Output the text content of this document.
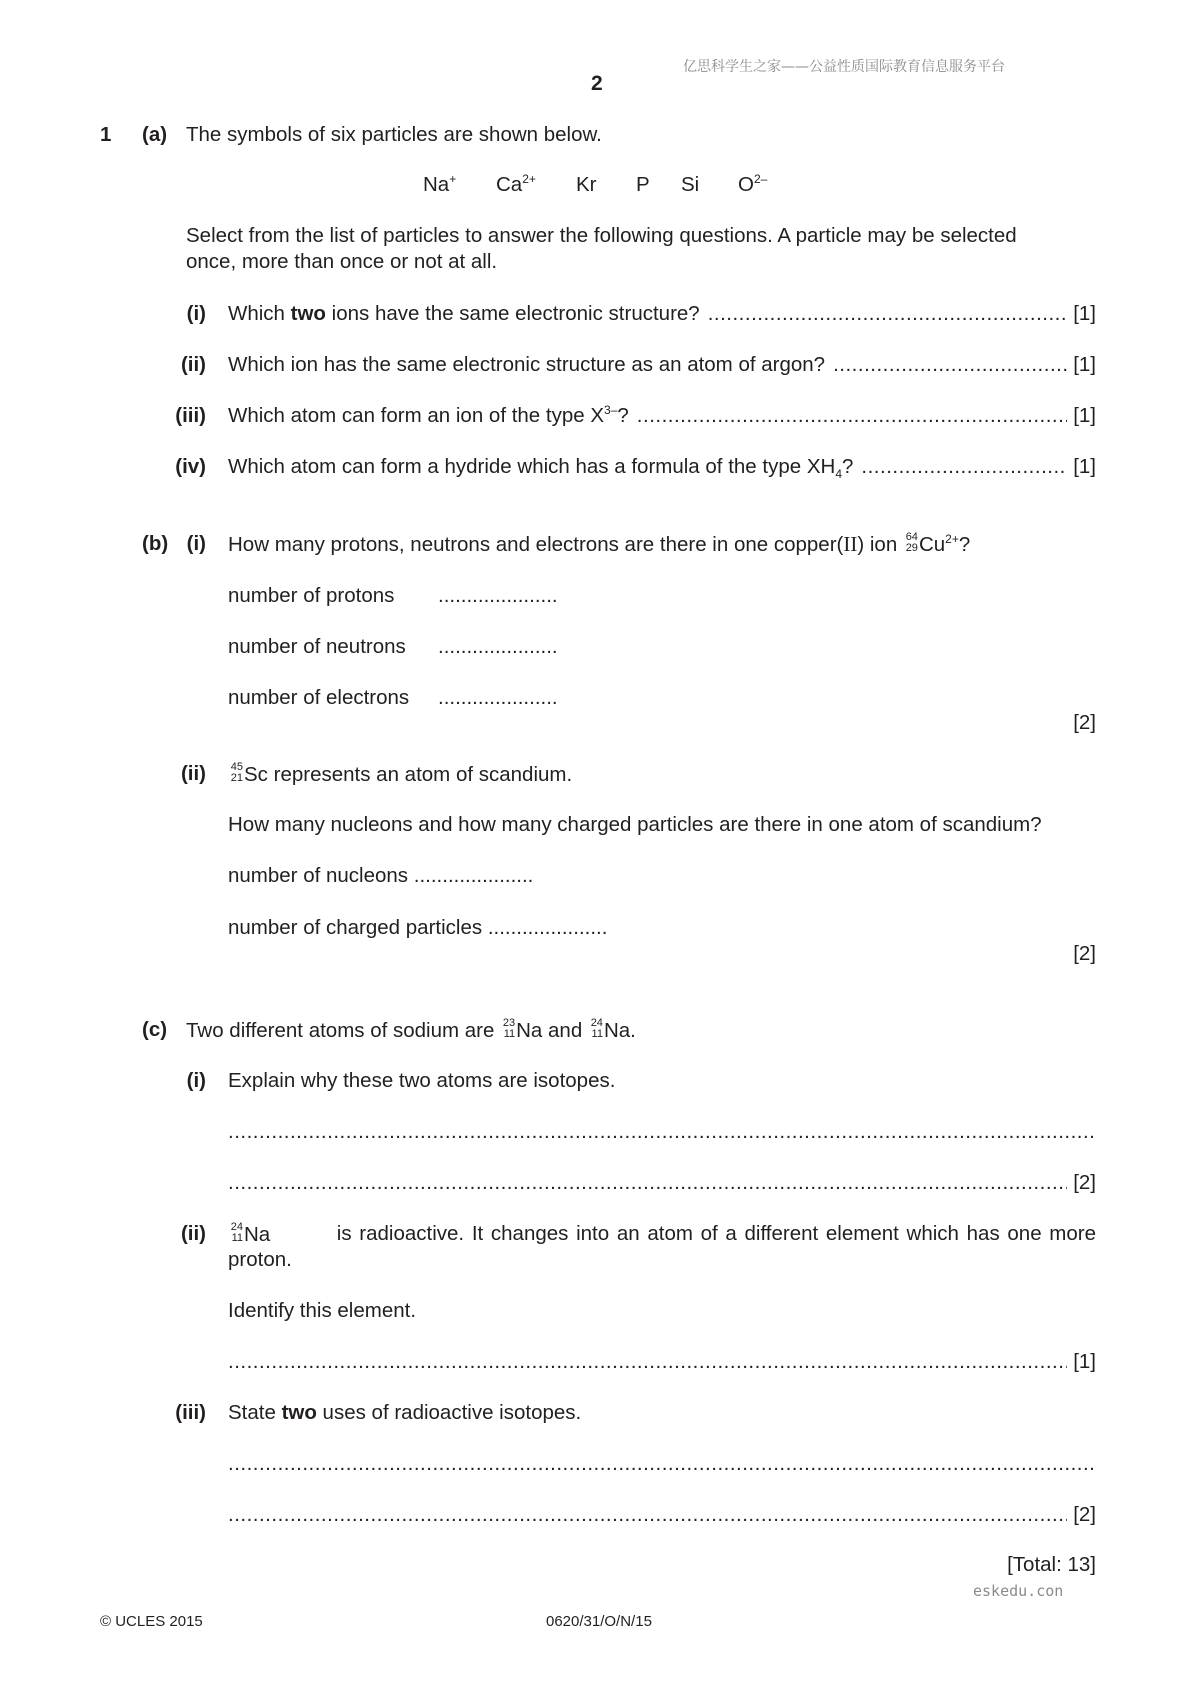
亿思科学生之家——公益性质国际教育信息服务平台
eskedu.con
2
1 (a) The symbols of six particles are shown below.
Na+ $Ca^{2+}$ Kr P Si $O^{2-}$
Select from the list of particles to answer the following questions. A particle may be selected
once, more than once or not at all.
(i) Which two ions have the same electronic structure? .....	[1]
(ii) Which ion has the same electronic structure as an atom of argon? .....	[1]
(iii) Which atom can form an ion of the type $X^{3-}$? .....	[1]
(iv) Which atom can form a hydride which has a formula of the type $XH_4$? .....	[1]
(b) (i) How many protons, neutrons and electrons are there in one copper(II) ion 64
29 $Cu^{2+}$?
number of protons .....................
number of neutrons .....................
number of electrons .....................
[2]
(ii) 45
21 Sc represents an atom of scandium.
How many nucleons and how many charged particles are there in one atom of scandium?
number of nucleons .....................
number of charged particles .....................
[2]
(c) Two different atoms of sodium are 23
11 Na and 24
11 Na.
(i) Explain why these two atoms are isotopes.
.....
.....
[2]
(ii) 24
11 Na	is radioactive. It changes into an atom of a different element which has one more
proton.
Identify this element.
.....
[1]
(iii) State two uses of radioactive isotopes.
.....
.....
[2]
[Total: 13]
© UCLES 2015	0620/31/O/N/15
